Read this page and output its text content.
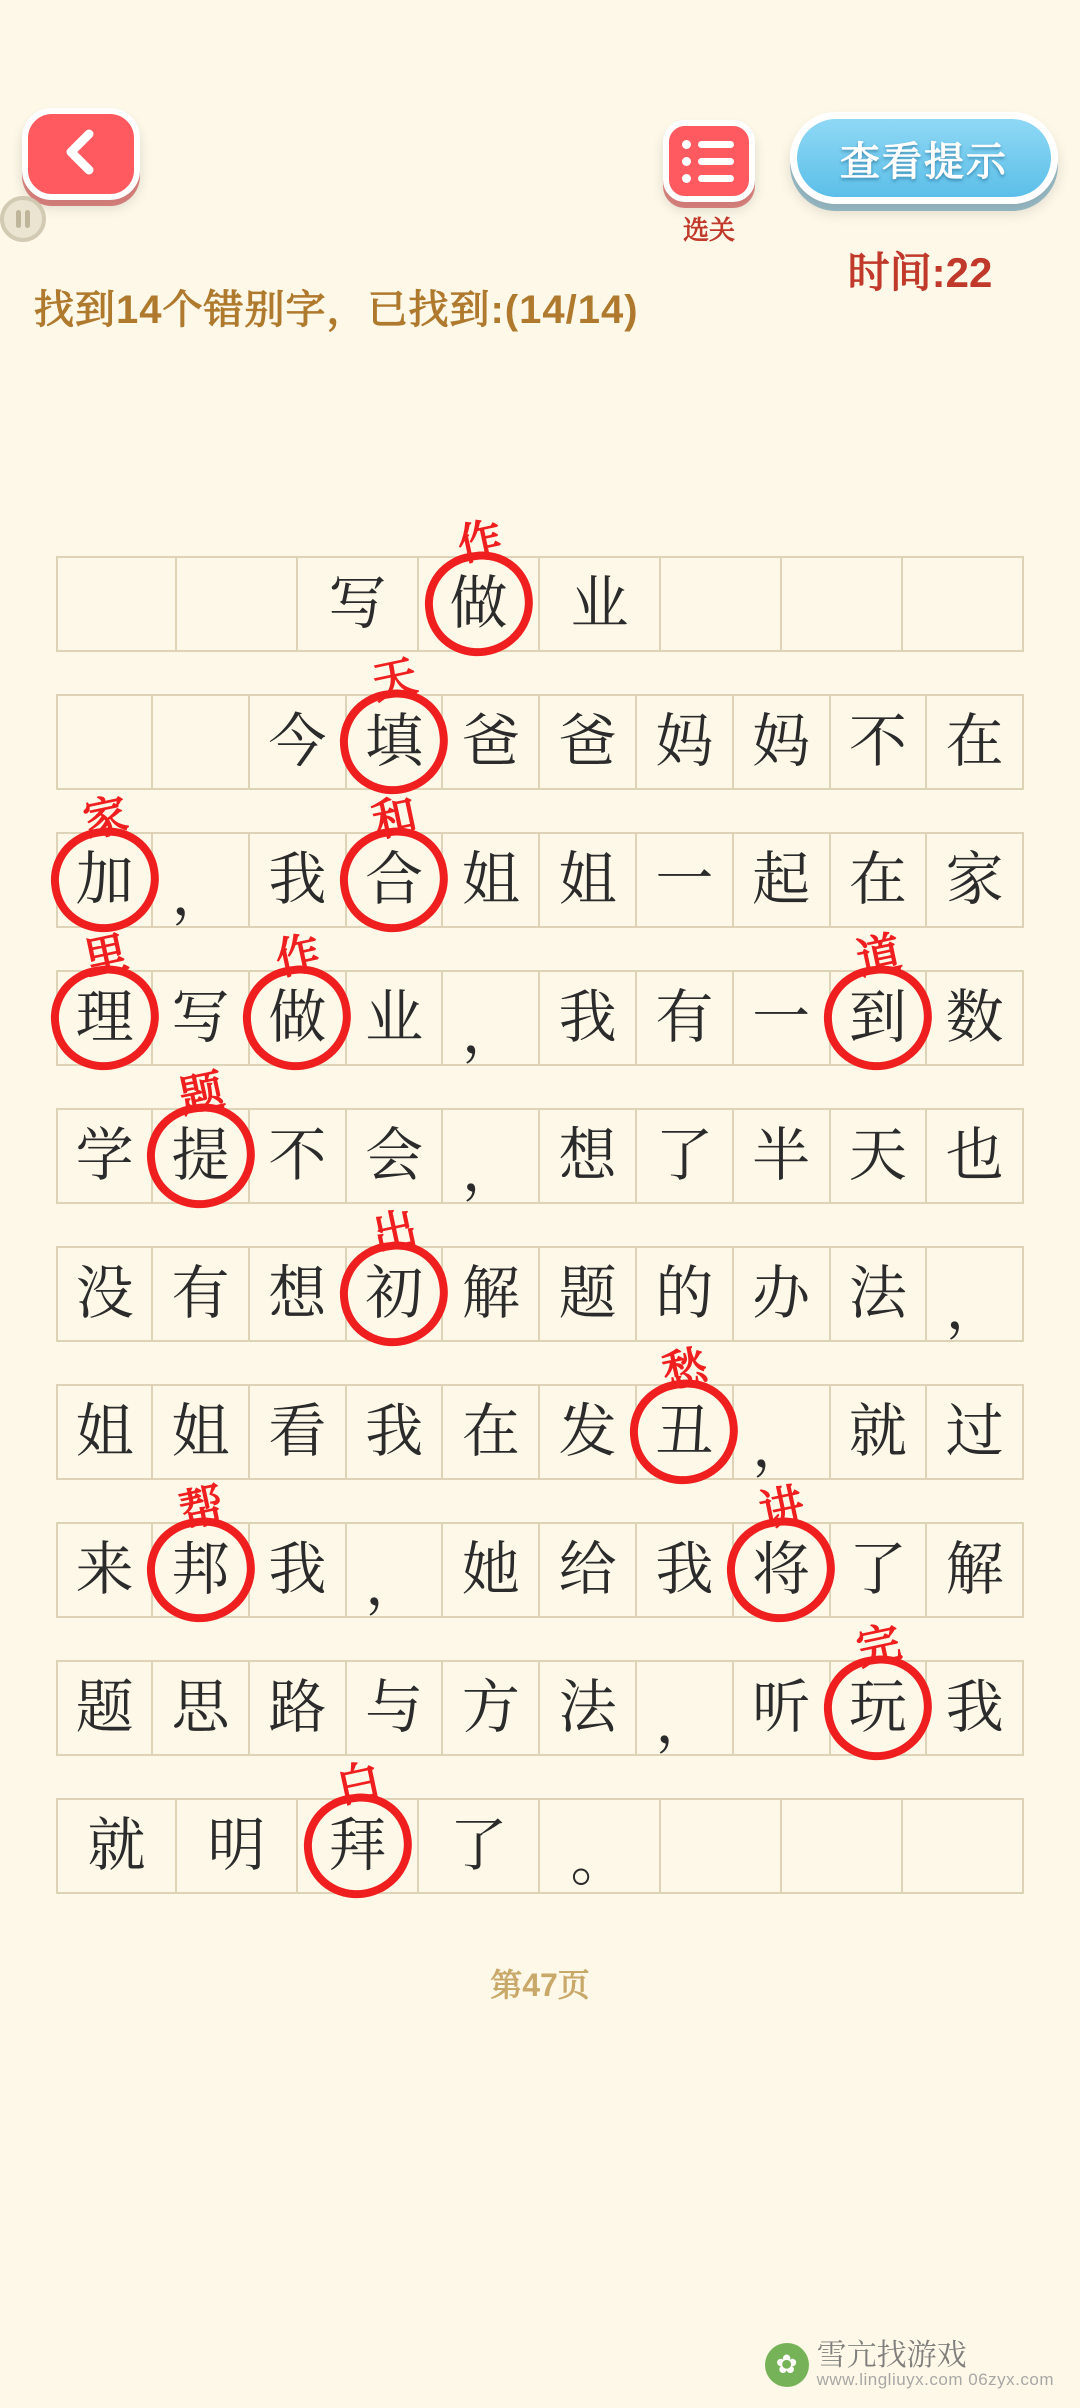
选关
查看提示
时间:22
找到14个错别字，已找到:(14/14)
写 做
作
业
今 填
天
爸 爸 妈 妈 不 在
加
家
， 我 合
和
姐 姐 一 起 在 家
理
里
写 做
作
业 ， 我 有 一 到
道
数
学 提
题
不 会 ， 想 了 半 天 也
没 有 想 初
出
解 题 的 办 法 ，
姐 姐 看 我 在 发 丑
愁
， 就 过
来 邦
帮
我 ， 她 给 我 将
讲
了 解
题 思 路 与 方 法 ， 听 玩
完
我
就 明 拜
白
了 。
第47页
✿ 雪亢找游戏
www.lingliuyx.com 06zyx.com
